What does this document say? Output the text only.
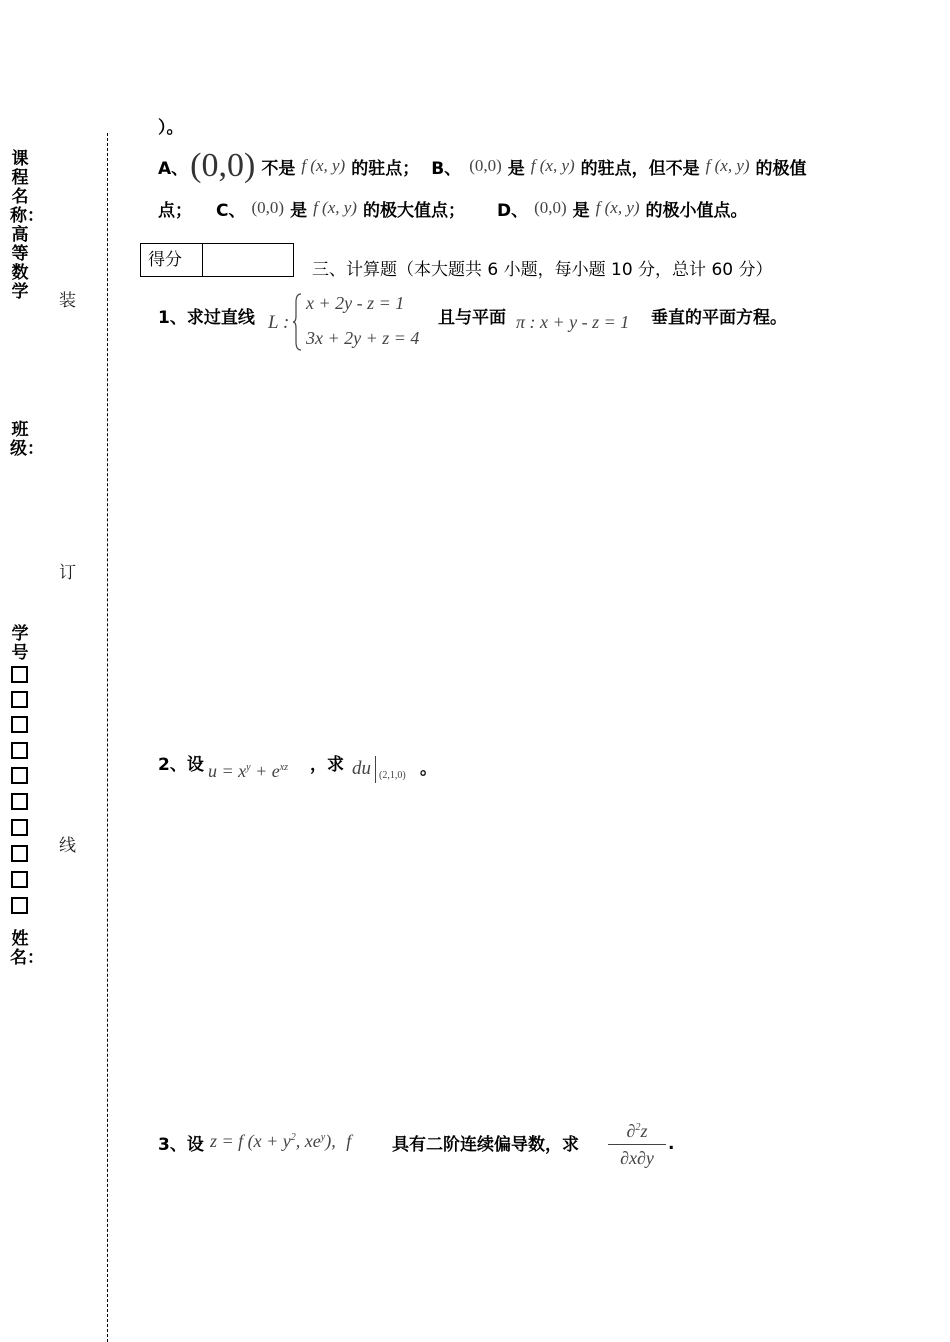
课程名称：高等数学
班级：
学号
姓名：
装
订
线
）。
A、 (0,0) 不是 f (x, y) 的驻点； B、 (0,0) 是 f (x, y) 的驻点，但不是 f (x, y) 的极值
点； C、 (0,0) 是 f (x, y) 的极大值点； D、 (0,0) 是 f (x, y) 的极小值点。
得分	三、计算题（本大题共 6 小题，每小题 10 分，总计 60 分）
1、求过直线 L :
x + 2y - z = 1
3x + 2y + z = 4
且与平面 π : x + y - z = 1 垂直的平面方程。
2、设 $u = x^y + e^{xz}$ ，求 du (2,1,0) 。
3、设 z = f ($x + y^2$, $xe^y$), f 具有二阶连续偏导数，求
∂$^2$z
∂x∂y
.
